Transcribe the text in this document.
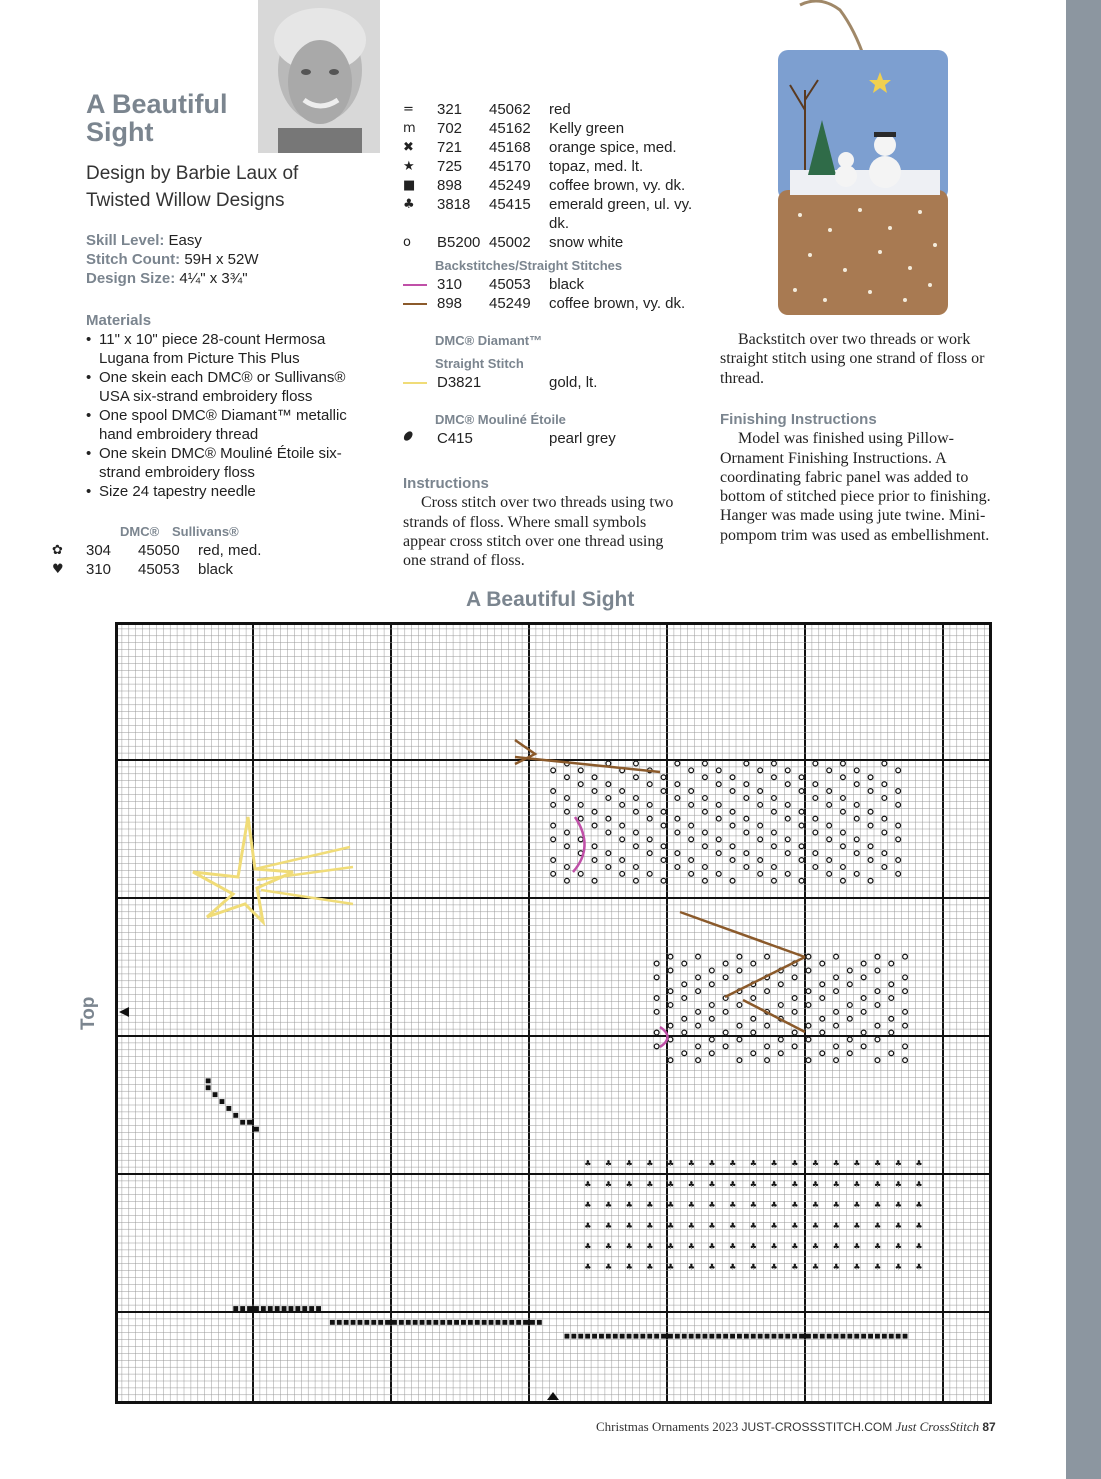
A Beautiful Sight
Design by Barbie Laux of Twisted Willow Designs
Skill Level: Easy
Stitch Count: 59H x 52W
Design Size: 4¼" x 3¾"
Materials
• 11" x 10" piece 28-count Hermosa Lugana from Picture This Plus
• One skein each DMC® or Sullivans® USA six-strand embroidery floss
• One spool DMC® Diamant™ metallic hand embroidery thread
• One skein DMC® Mouliné Étoile six-strand embroidery floss
• Size 24 tapestry needle
DMC® Sullivans®
✿	304	45050	red, med.
♥	310	45053	black
=	321	45062	red
m	702	45162	Kelly green
✖	721	45168	orange spice, med.
★	725	45170	topaz, med. lt.
■	898	45249	coffee brown, vy. dk.
♣	3818	45415	emerald green, ul. vy. dk.
o	B5200 45002	snow white
Backstitches/Straight Stitches
310	45053	black
898	45249	coffee brown, vy. dk.
DMC® Diamant™
Straight Stitch
D3821	gold, lt.
DMC® Mouliné Étoile
⬮	C415	pearl grey
Instructions

Cross stitch over two threads using two strands of floss. Where small symbols appear cross stitch over one thread using one strand of floss.

Backstitch over two threads or work straight stitch using one strand of floss or thread.

Finishing Instructions

Model was finished using Pillow-Ornament Finishing Instructions. A coordinating fabric panel was added to bottom of stitched piece prior to finishing. Hanger was made using jute twine. Mini-pompom trim was used as embellishment.

A Beautiful Sight
Top
♣ ♣ ♣ ♣ ♣ ♣ ♣ ♣ ♣ ♣ ♣ ♣ ♣ ♣ ♣ ♣ ♣
♣ ♣ ♣ ♣ ♣ ♣ ♣ ♣ ♣ ♣ ♣ ♣ ♣ ♣ ♣ ♣ ♣
♣ ♣ ♣ ♣ ♣ ♣ ♣ ♣ ♣ ♣ ♣ ♣ ♣ ♣ ♣ ♣ ♣
♣ ♣ ♣ ♣ ♣ ♣ ♣ ♣ ♣ ♣ ♣ ♣ ♣ ♣ ♣ ♣ ♣
♣ ♣ ♣ ♣ ♣ ♣ ♣ ♣ ♣ ♣ ♣ ♣ ♣ ♣ ♣ ♣ ♣
♣ ♣ ♣ ♣ ♣ ♣ ♣ ♣ ♣ ♣ ♣ ♣ ♣ ♣ ♣ ♣ ♣
Christmas Ornaments 2023 JUST-CROSSSTITCH.COM Just CrossStitch 87
